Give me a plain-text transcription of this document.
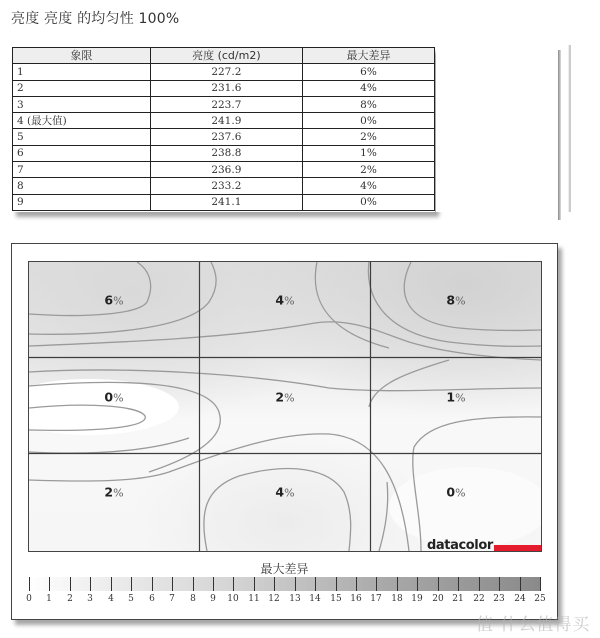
亮度 亮度 的均匀性 100%
象限	亮度 (cd/m2)	最大差异
1	227.2	6%
2	231.6	4%
3	223.7	8%
4 (最大值)	241.9	0%
5	237.6	2%
6	238.8	1%
7	236.9	2%
8	233.2	4%
9	241.1	0%
6%	4%	8%
0%	2%	1%
2%	4%	0%
datacolor
最大差异
0 1 2 3 4 5 6 7 8 9 10 11 12 13 14 15 16 17 18 19 20 21 22 23 24 25
值 什么值得买
